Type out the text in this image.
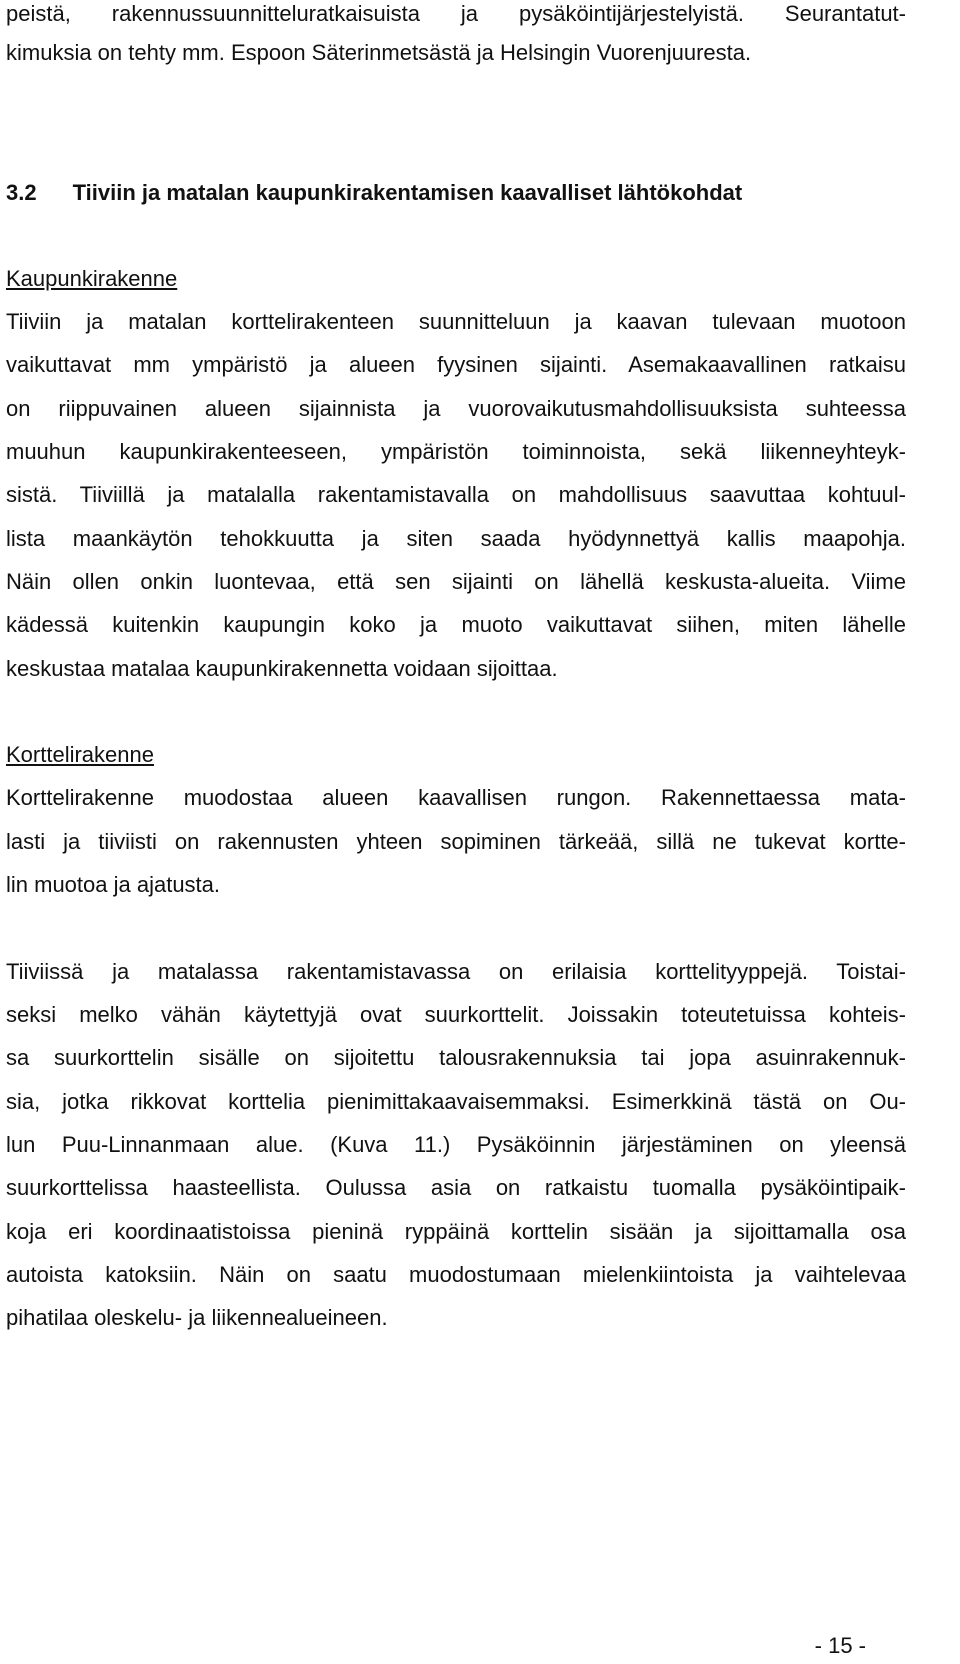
peistä, rakennussuunnitteluratkaisuista ja pysäköintijärjestelyistä. Seurantatut-
kimuksia on tehty mm. Espoon Säterinmetsästä ja Helsingin Vuorenjuuresta.
3.2 Tiiviin ja matalan kaupunkirakentamisen kaavalliset lähtökohdat
Kaupunkirakenne
Tiiviin ja matalan korttelirakenteen suunnitteluun ja kaavan tulevaan muotoon
vaikuttavat mm ympäristö ja alueen fyysinen sijainti. Asemakaavallinen ratkaisu
on riippuvainen alueen sijainnista ja vuorovaikutusmahdollisuuksista suhteessa
muuhun kaupunkirakenteeseen, ympäristön toiminnoista, sekä liikenneyhteyk-
sistä. Tiiviillä ja matalalla rakentamistavalla on mahdollisuus saavuttaa kohtuul-
lista maankäytön tehokkuutta ja siten saada hyödynnettyä kallis maapohja.
Näin ollen onkin luontevaa, että sen sijainti on lähellä keskusta-alueita. Viime
kädessä kuitenkin kaupungin koko ja muoto vaikuttavat siihen, miten lähelle
keskustaa matalaa kaupunkirakennetta voidaan sijoittaa.
Korttelirakenne
Korttelirakenne muodostaa alueen kaavallisen rungon. Rakennettaessa mata-
lasti ja tiiviisti on rakennusten yhteen sopiminen tärkeää, sillä ne tukevat kortte-
lin muotoa ja ajatusta.
Tiiviissä ja matalassa rakentamistavassa on erilaisia korttelityyppejä. Toistai-
seksi melko vähän käytettyjä ovat suurkorttelit. Joissakin toteutetuissa kohteis-
sa suurkorttelin sisälle on sijoitettu talousrakennuksia tai jopa asuinrakennuk-
sia, jotka rikkovat korttelia pienimittakaavaisemmaksi. Esimerkkinä tästä on Ou-
lun Puu-Linnanmaan alue. (Kuva 11.) Pysäköinnin järjestäminen on yleensä
suurkorttelissa haasteellista. Oulussa asia on ratkaistu tuomalla pysäköintipaik-
koja eri koordinaatistoissa pieninä ryppäinä korttelin sisään ja sijoittamalla osa
autoista katoksiin. Näin on saatu muodostumaan mielenkiintoista ja vaihtelevaa
pihatilaa oleskelu- ja liikennealueineen.
- 15 -
